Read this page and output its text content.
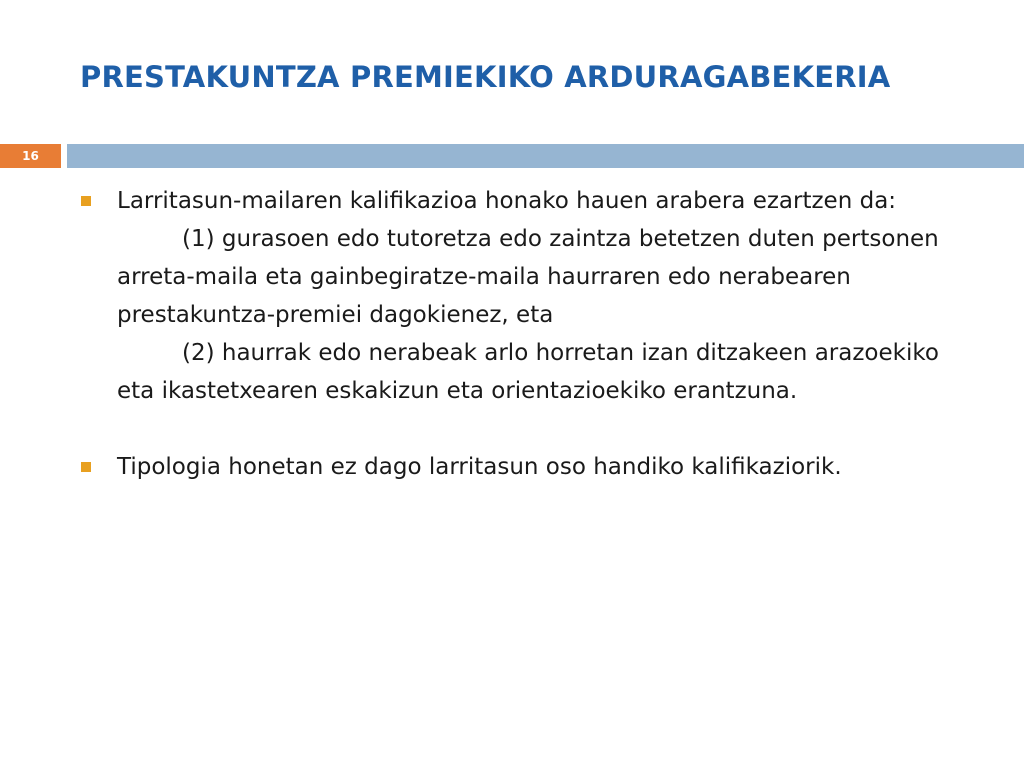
PRESTAKUNTZA PREMIEKIKO ARDURAGABEKERIA
16
Larritasun-mailaren kalifikazioa honako hauen arabera ezartzen da:
(1) gurasoen edo tutoretza edo zaintza betetzen duten pertsonen arreta-maila eta gainbegiratze-maila haurraren edo nerabearen prestakuntza-premiei dagokienez, eta
(2) haurrak edo nerabeak arlo horretan izan ditzakeen arazoekiko eta ikastetxearen eskakizun eta orientazioekiko erantzuna.
Tipologia honetan ez dago larritasun oso handiko kalifikaziorik.
